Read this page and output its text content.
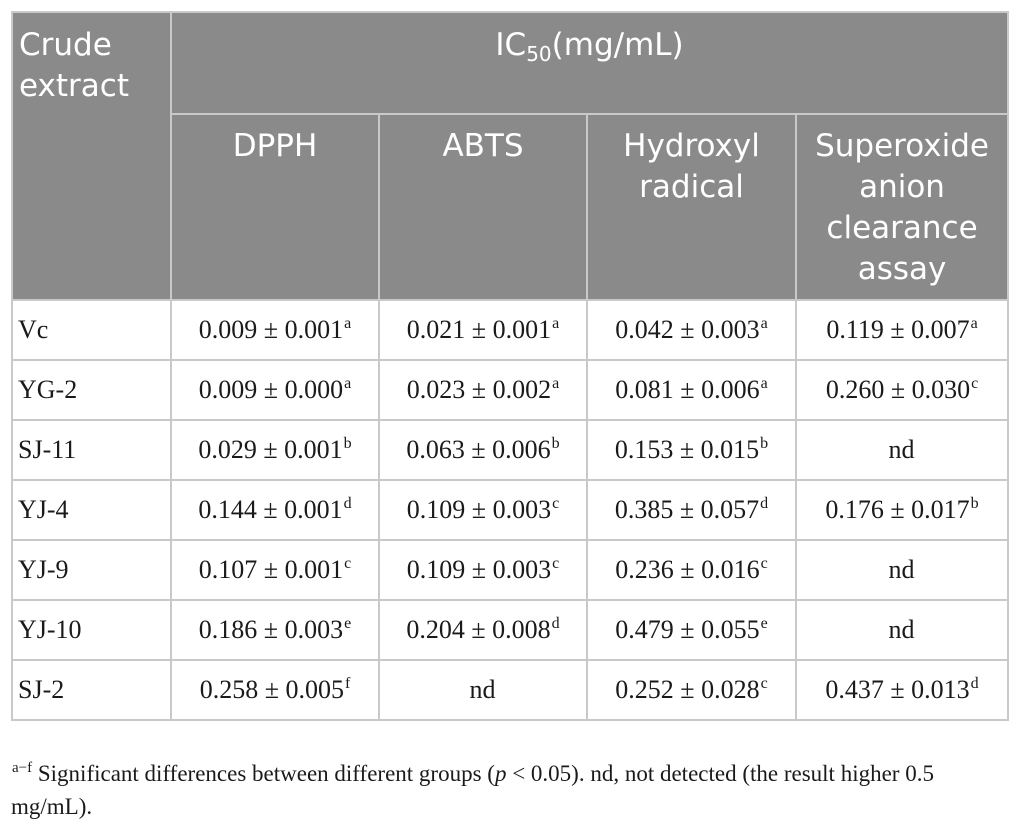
Crude extract	$IC_{50}(mg/mL)$			
	DPPH	ABTS	Hydroxyl radical	Superoxide anion clearance assay
Vc	0.009 ± 0.001$^a$	0.021 ± 0.001$^a$	0.042 ± 0.003$^a$	0.119 ± 0.007$^a$
YG-2	0.009 ± 0.000$^a$	0.023 ± 0.002$^a$	0.081 ± 0.006$^a$	0.260 ± 0.030$^c$
SJ-11	0.029 ± 0.001$^b$	0.063 ± 0.006$^b$	0.153 ± 0.015$^b$	nd
YJ-4	0.144 ± 0.001$^d$	0.109 ± 0.003$^c$	0.385 ± 0.057$^d$	0.176 ± 0.017$^b$
YJ-9	0.107 ± 0.001$^c$	0.109 ± 0.003$^c$	0.236 ± 0.016$^c$	nd
YJ-10	0.186 ± 0.003$^e$	0.204 ± 0.008$^d$	0.479 ± 0.055$^e$	nd
SJ-2	0.258 ± 0.005$^f$	nd	0.252 ± 0.028$^c$	0.437 ± 0.013$^d$
$^{a-f}$ Significant differences between different groups (p < 0.05). nd, not detected (the result higher 0.5 mg/mL).
